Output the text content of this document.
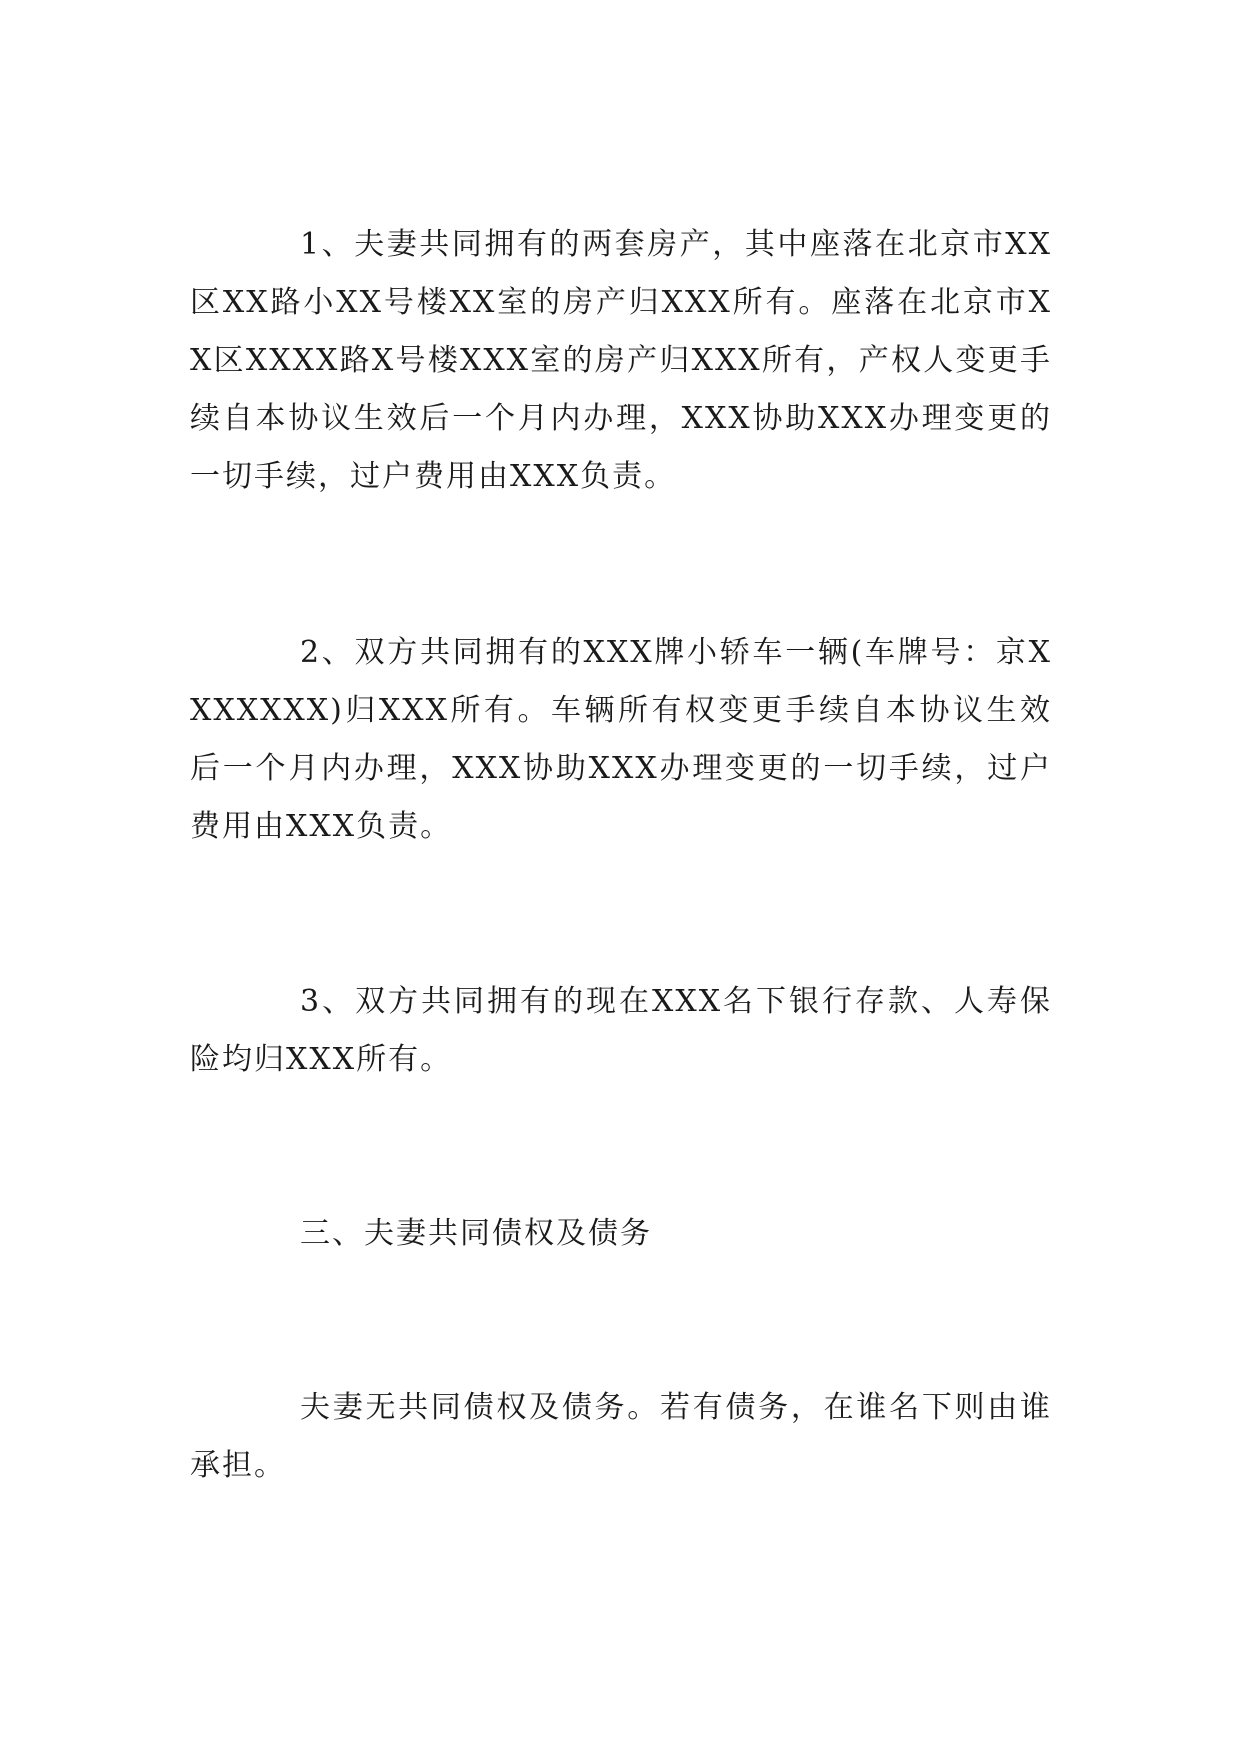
1、夫妻共同拥有的两套房产，其中座落在北京市XX区XX路小XX号楼XX室的房产归XXX所有。座落在北京市XX区XXXX路X号楼XXX室的房产归XXX所有，产权人变更手续自本协议生效后一个月内办理，XXX协助XXX办理变更的一切手续，过户费用由XXX负责。

2、双方共同拥有的XXX牌小轿车一辆(车牌号：京XXXXXXX)归XXX所有。车辆所有权变更手续自本协议生效后一个月内办理，XXX协助XXX办理变更的一切手续，过户费用由XXX负责。

3、双方共同拥有的现在XXX名下银行存款、人寿保险均归XXX所有。

三、夫妻共同债权及债务

夫妻无共同债权及债务。若有债务，在谁名下则由谁承担。
